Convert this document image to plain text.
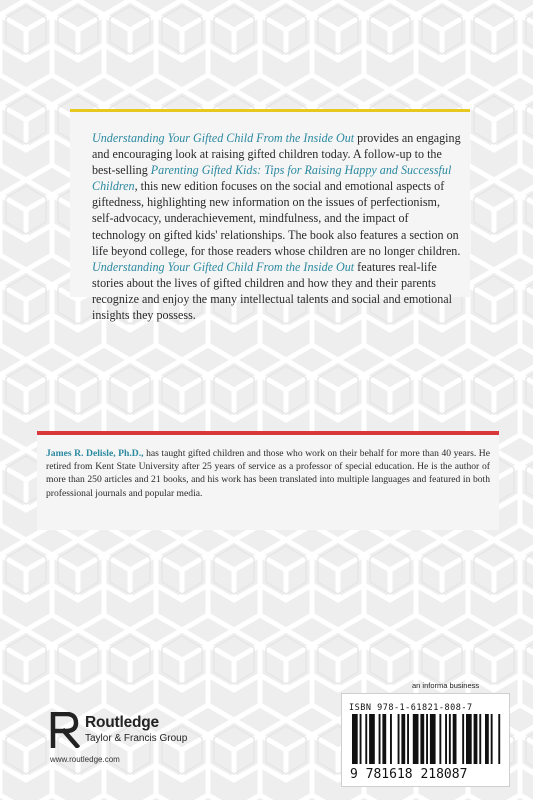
Understanding Your Gifted Child From the Inside Out provides an engaging and encouraging look at raising gifted children today. A follow-up to the best-selling Parenting Gifted Kids: Tips for Raising Happy and Successful Children, this new edition focuses on the social and emotional aspects of giftedness, highlighting new information on the issues of perfectionism, self-advocacy, underachievement, mindfulness, and the impact of technology on gifted kids' relationships. The book also features a section on life beyond college, for those readers whose children are no longer children. Understanding Your Gifted Child From the Inside Out features real-life stories about the lives of gifted children and how they and their parents recognize and enjoy the many intellectual talents and social and emotional insights they possess.

James R. Delisle, Ph.D., has taught gifted children and those who work on their behalf for more than 40 years. He retired from Kent State University after 25 years of service as a professor of special education. He is the author of more than 250 articles and 21 books, and his work has been translated into multiple languages and featured in both professional journals and popular media.

Routledge
Taylor & Francis Group
www.routledge.com
an informa business
ISBN 978-1-61821-808-7
9 781618 218087
